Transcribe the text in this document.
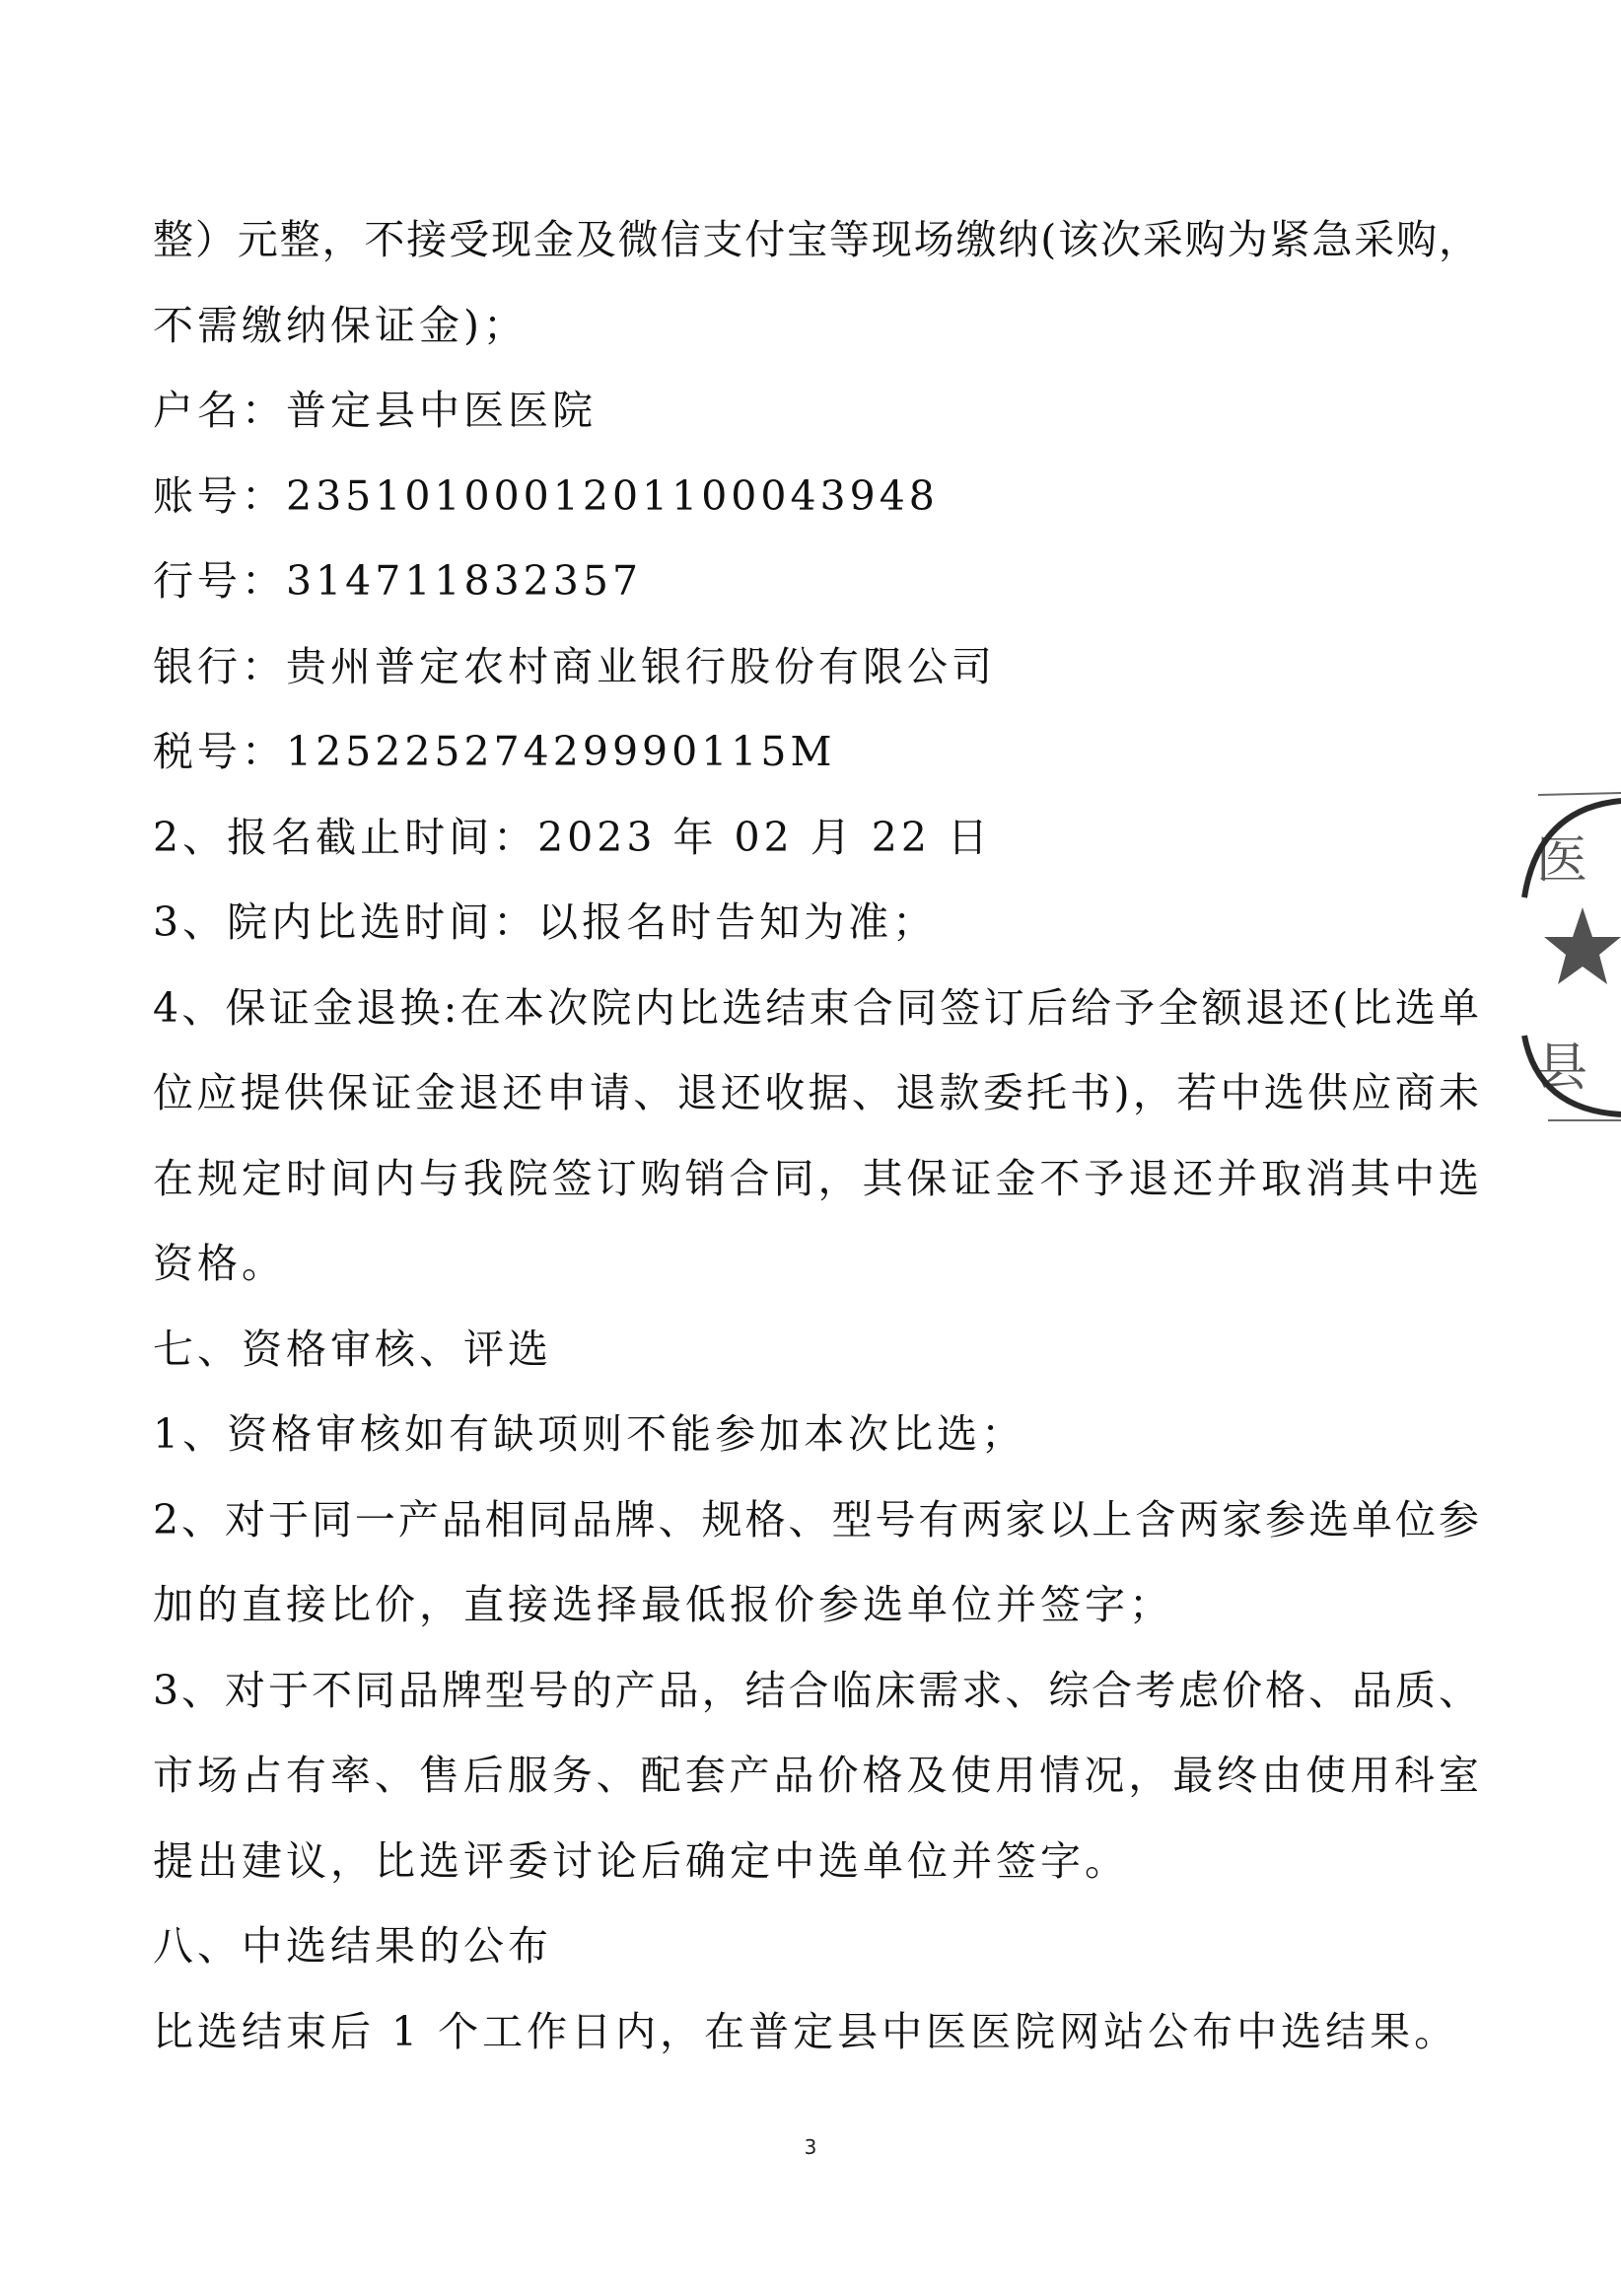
整）元整，不接受现金及微信支付宝等现场缴纳(该次采购为紧急采购，
不需缴纳保证金)；
户名：普定县中医医院
账号：2351010001201100043948
行号：314711832357
银行：贵州普定农村商业银行股份有限公司
税号：12522527429990115M
2、报名截止时间：2023 年 02 月 22 日
3、院内比选时间：以报名时告知为准；
4、保证金退换:在本次院内比选结束合同签订后给予全额退还(比选单
位应提供保证金退还申请、退还收据、退款委托书)，若中选供应商未
在规定时间内与我院签订购销合同，其保证金不予退还并取消其中选
资格。
七、资格审核、评选
1、资格审核如有缺项则不能参加本次比选；
2、对于同一产品相同品牌、规格、型号有两家以上含两家参选单位参
加的直接比价，直接选择最低报价参选单位并签字；
3、对于不同品牌型号的产品，结合临床需求、综合考虑价格、品质、
市场占有率、售后服务、配套产品价格及使用情况，最终由使用科室
提出建议，比选评委讨论后确定中选单位并签字。
八、中选结果的公布
比选结束后 1 个工作日内，在普定县中医医院网站公布中选结果。
3
医
县
